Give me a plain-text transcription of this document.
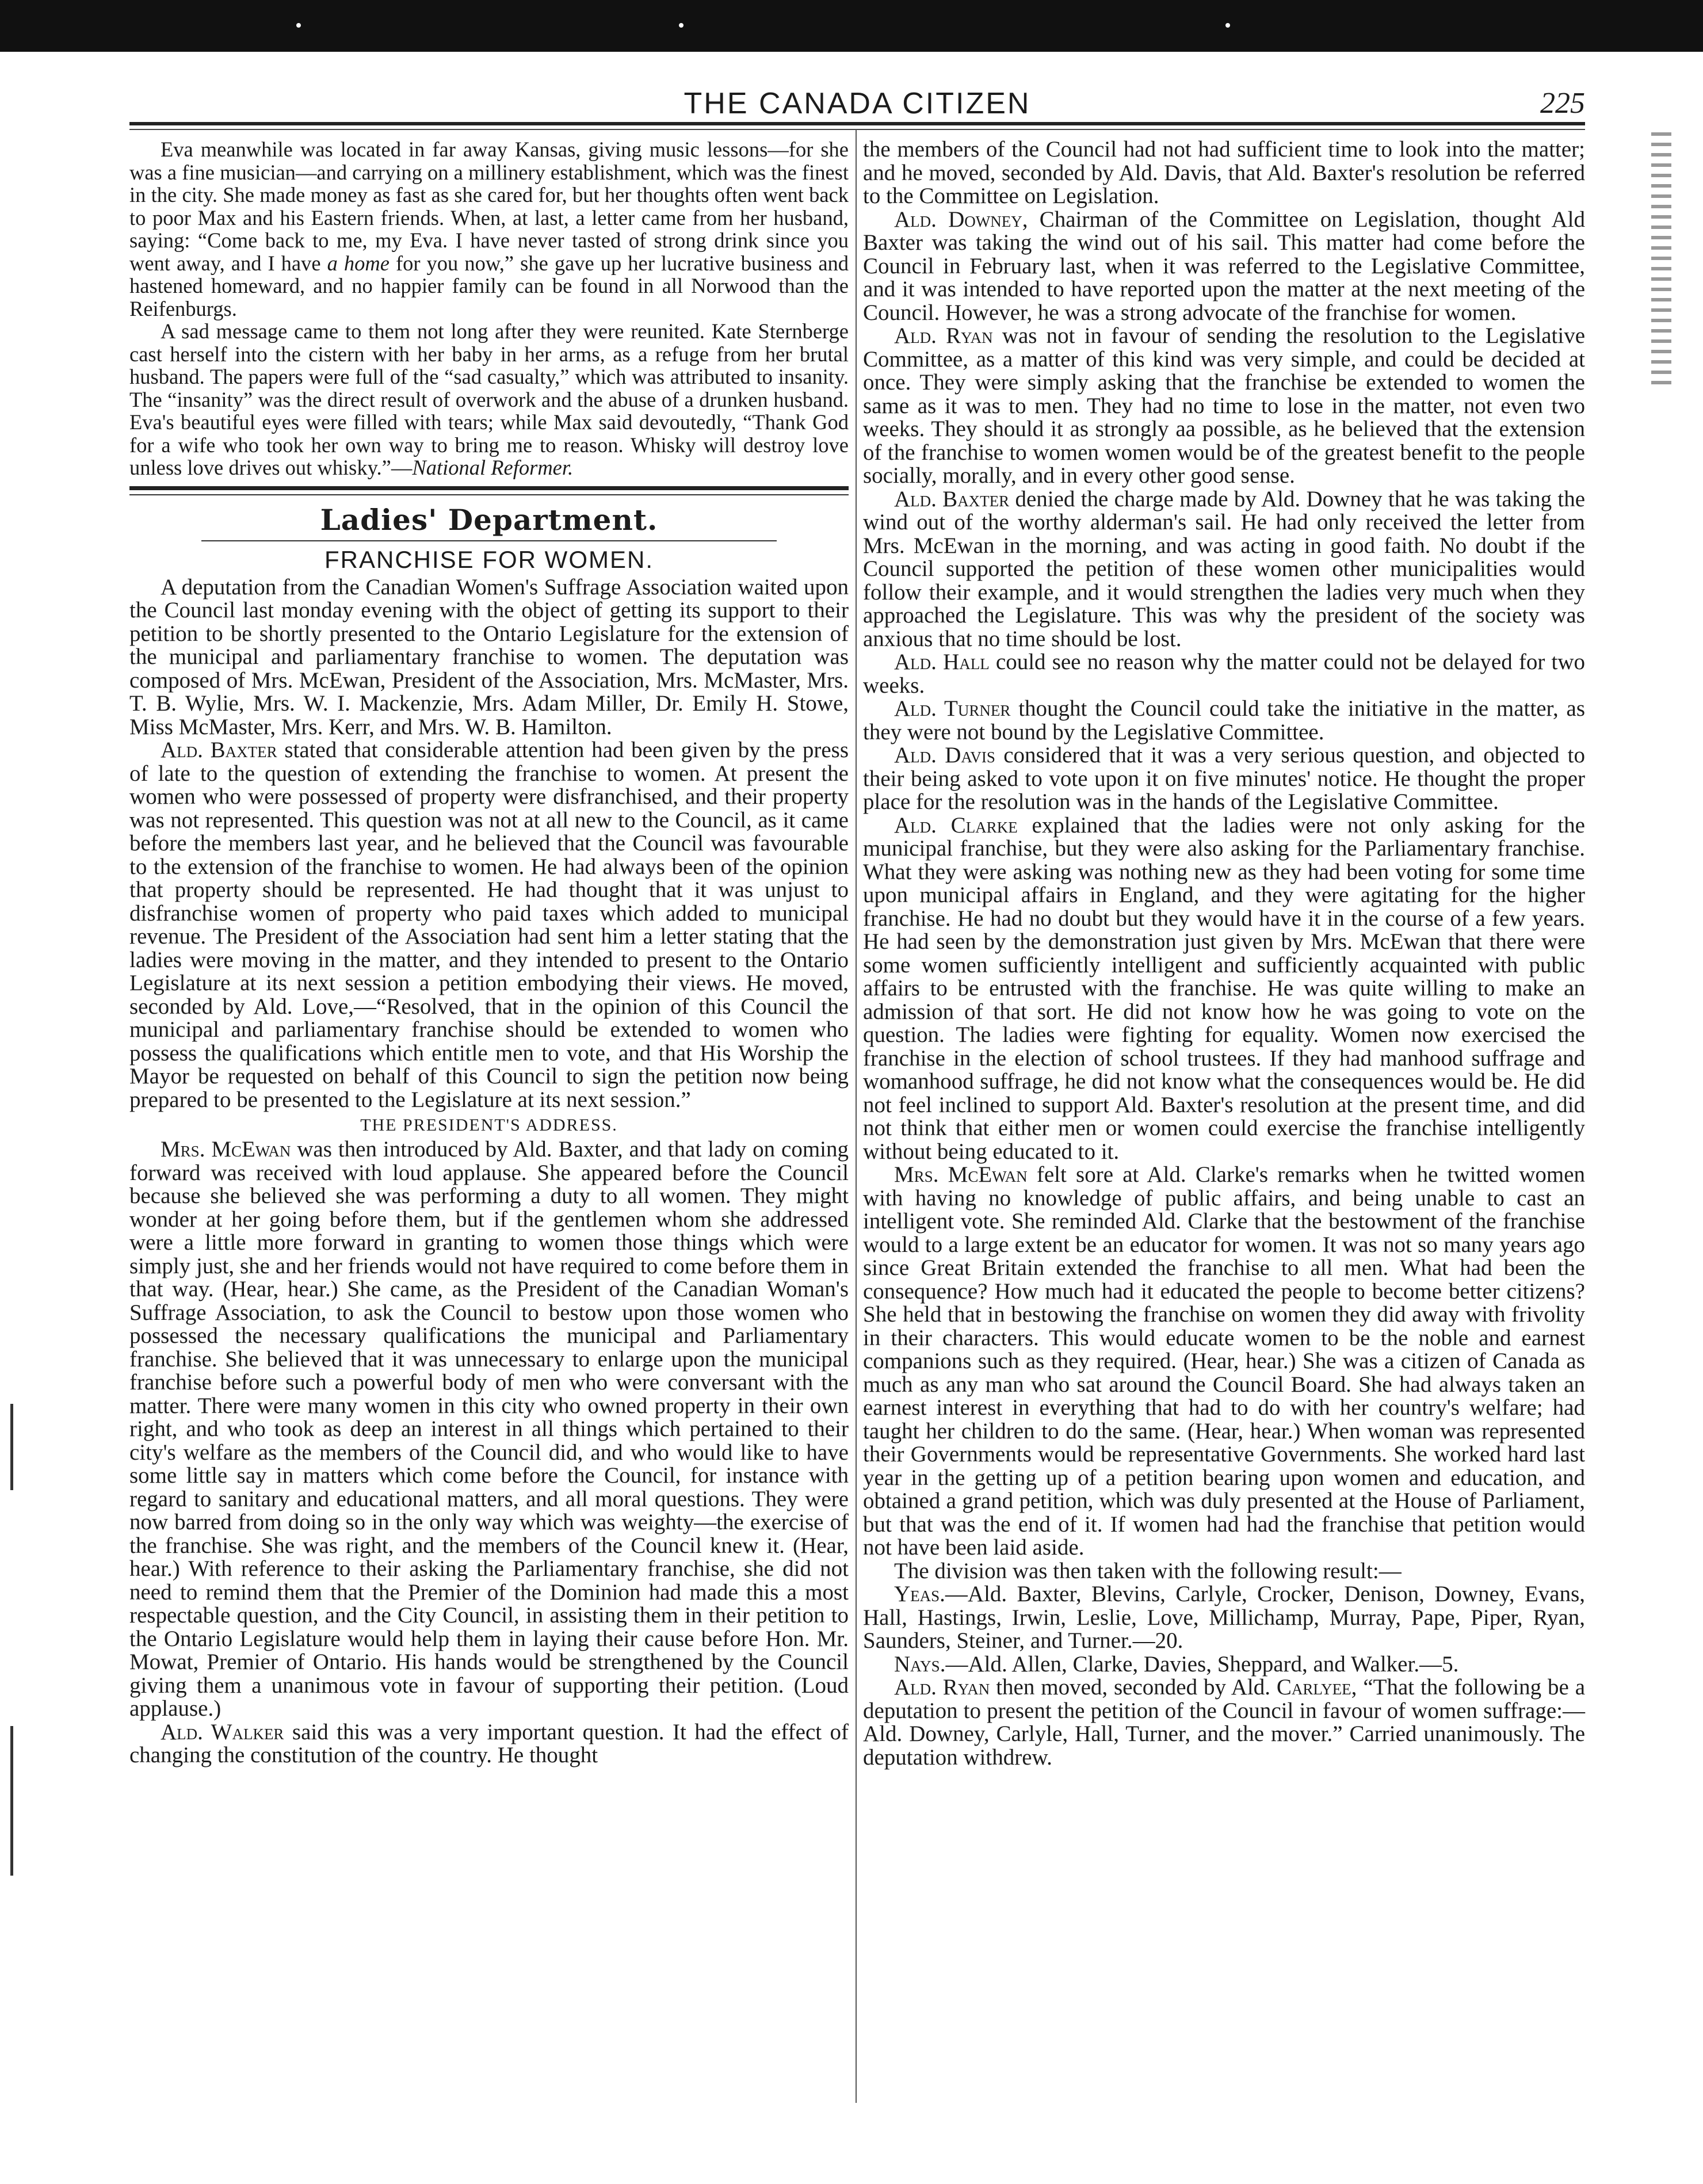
THE CANADA CITIZEN	225

Eva meanwhile was located in far away Kansas, giving music lessons—for she was a fine musician—and carrying on a millinery establishment, which was the finest in the city. She made money as fast as she cared for, but her thoughts often went back to poor Max and his Eastern friends. When, at last, a letter came from her husband, saying: “Come back to me, my Eva. I have never tasted of strong drink since you went away, and I have a home for you now,” she gave up her lucrative business and hastened homeward, and no happier family can be found in all Norwood than the Reifenburgs.

A sad message came to them not long after they were reunited. Kate Sternberge cast herself into the cistern with her baby in her arms, as a refuge from her brutal husband. The papers were full of the “sad casualty,” which was attributed to insanity. The “insanity” was the direct result of overwork and the abuse of a drunken husband. Eva's beautiful eyes were filled with tears; while Max said devoutedly, “Thank God for a wife who took her own way to bring me to reason. Whisky will destroy love unless love drives out whisky.”—National Reformer.

Ladies' Department.
FRANCHISE FOR WOMEN.

A deputation from the Canadian Women's Suffrage Association waited upon the Council last monday evening with the object of getting its support to their petition to be shortly presented to the Ontario Legislature for the extension of the municipal and parliamentary franchise to women. The deputation was composed of Mrs. McEwan, President of the Association, Mrs. McMaster, Mrs. T. B. Wylie, Mrs. W. I. Mackenzie, Mrs. Adam Miller, Dr. Emily H. Stowe, Miss McMaster, Mrs. Kerr, and Mrs. W. B. Hamilton.

Ald. Baxter stated that considerable attention had been given by the press of late to the question of extending the franchise to women. At present the women who were possessed of property were disfranchised, and their property was not represented. This question was not at all new to the Council, as it came before the members last year, and he believed that the Council was favourable to the extension of the franchise to women. He had always been of the opinion that property should be represented. He had thought that it was unjust to disfranchise women of property who paid taxes which added to municipal revenue. The President of the Association had sent him a letter stating that the ladies were moving in the matter, and they intended to present to the Ontario Legislature at its next session a petition embodying their views. He moved, seconded by Ald. Love,—“Resolved, that in the opinion of this Council the municipal and parliamentary franchise should be extended to women who possess the qualifications which entitle men to vote, and that His Worship the Mayor be requested on behalf of this Council to sign the petition now being prepared to be presented to the Legislature at its next session.”

THE PRESIDENT'S ADDRESS.

Mrs. McEwan was then introduced by Ald. Baxter, and that lady on coming forward was received with loud applause. She appeared before the Council because she believed she was performing a duty to all women. They might wonder at her going before them, but if the gentlemen whom she addressed were a little more forward in granting to women those things which were simply just, she and her friends would not have required to come before them in that way. (Hear, hear.) She came, as the President of the Canadian Woman's Suffrage Association, to ask the Council to bestow upon those women who possessed the necessary qualifications the municipal and Parliamentary franchise. She believed that it was unnecessary to enlarge upon the municipal franchise before such a powerful body of men who were conversant with the matter. There were many women in this city who owned property in their own right, and who took as deep an interest in all things which pertained to their city's welfare as the members of the Council did, and who would like to have some little say in matters which come before the Council, for instance with regard to sanitary and educational matters, and all moral questions. They were now barred from doing so in the only way which was weighty—the exercise of the franchise. She was right, and the members of the Council knew it. (Hear, hear.) With reference to their asking the Parliamentary franchise, she did not need to remind them that the Premier of the Dominion had made this a most respectable question, and the City Council, in assisting them in their petition to the Ontario Legislature would help them in laying their cause before Hon. Mr. Mowat, Premier of Ontario. His hands would be strengthened by the Council giving them a unanimous vote in favour of supporting their petition. (Loud applause.)

Ald. Walker said this was a very important question. It had the effect of changing the constitution of the country. He thought

the members of the Council had not had sufficient time to look into the matter; and he moved, seconded by Ald. Davis, that Ald. Baxter's resolution be referred to the Committee on Legislation.

Ald. Downey, Chairman of the Committee on Legislation, thought Ald Baxter was taking the wind out of his sail. This matter had come before the Council in February last, when it was referred to the Legislative Committee, and it was intended to have reported upon the matter at the next meeting of the Council. However, he was a strong advocate of the franchise for women.

Ald. Ryan was not in favour of sending the resolution to the Legislative Committee, as a matter of this kind was very simple, and could be decided at once. They were simply asking that the franchise be extended to women the same as it was to men. They had no time to lose in the matter, not even two weeks. They should it as strongly aa possible, as he believed that the extension of the franchise to women women would be of the greatest benefit to the people socially, morally, and in every other good sense.

Ald. Baxter denied the charge made by Ald. Downey that he was taking the wind out of the worthy alderman's sail. He had only received the letter from Mrs. McEwan in the morning, and was acting in good faith. No doubt if the Council supported the petition of these women other municipalities would follow their example, and it would strengthen the ladies very much when they approached the Legislature. This was why the president of the society was anxious that no time should be lost.

Ald. Hall could see no reason why the matter could not be delayed for two weeks.

Ald. Turner thought the Council could take the initiative in the matter, as they were not bound by the Legislative Committee.

Ald. Davis considered that it was a very serious question, and objected to their being asked to vote upon it on five minutes' notice. He thought the proper place for the resolution was in the hands of the Legislative Committee.

Ald. Clarke explained that the ladies were not only asking for the municipal franchise, but they were also asking for the Parliamentary franchise. What they were asking was nothing new as they had been voting for some time upon municipal affairs in England, and they were agitating for the higher franchise. He had no doubt but they would have it in the course of a few years. He had seen by the demonstration just given by Mrs. McEwan that there were some women sufficiently intelligent and sufficiently acquainted with public affairs to be entrusted with the franchise. He was quite willing to make an admission of that sort. He did not know how he was going to vote on the question. The ladies were fighting for equality. Women now exercised the franchise in the election of school trustees. If they had manhood suffrage and womanhood suffrage, he did not know what the consequences would be. He did not feel inclined to support Ald. Baxter's resolution at the present time, and did not think that either men or women could exercise the franchise intelligently without being educated to it.

Mrs. McEwan felt sore at Ald. Clarke's remarks when he twitted women with having no knowledge of public affairs, and being unable to cast an intelligent vote. She reminded Ald. Clarke that the bestowment of the franchise would to a large extent be an educator for women. It was not so many years ago since Great Britain extended the franchise to all men. What had been the consequence? How much had it educated the people to become better citizens? She held that in bestowing the franchise on women they did away with frivolity in their characters. This would educate women to be the noble and earnest companions such as they required. (Hear, hear.) She was a citizen of Canada as much as any man who sat around the Council Board. She had always taken an earnest interest in everything that had to do with her country's welfare; had taught her children to do the same. (Hear, hear.) When woman was represented their Governments would be representative Governments. She worked hard last year in the getting up of a petition bearing upon women and education, and obtained a grand petition, which was duly presented at the House of Parliament, but that was the end of it. If women had had the franchise that petition would not have been laid aside.

The division was then taken with the following result:—

Yeas.—Ald. Baxter, Blevins, Carlyle, Crocker, Denison, Downey, Evans, Hall, Hastings, Irwin, Leslie, Love, Millichamp, Murray, Pape, Piper, Ryan, Saunders, Steiner, and Turner.—20.

Nays.—Ald. Allen, Clarke, Davies, Sheppard, and Walker.—5.

Ald. Ryan then moved, seconded by Ald. Carlyee, “That the following be a deputation to present the petition of the Council in favour of women suffrage:—Ald. Downey, Carlyle, Hall, Turner, and the mover.” Carried unanimously. The deputation withdrew.
